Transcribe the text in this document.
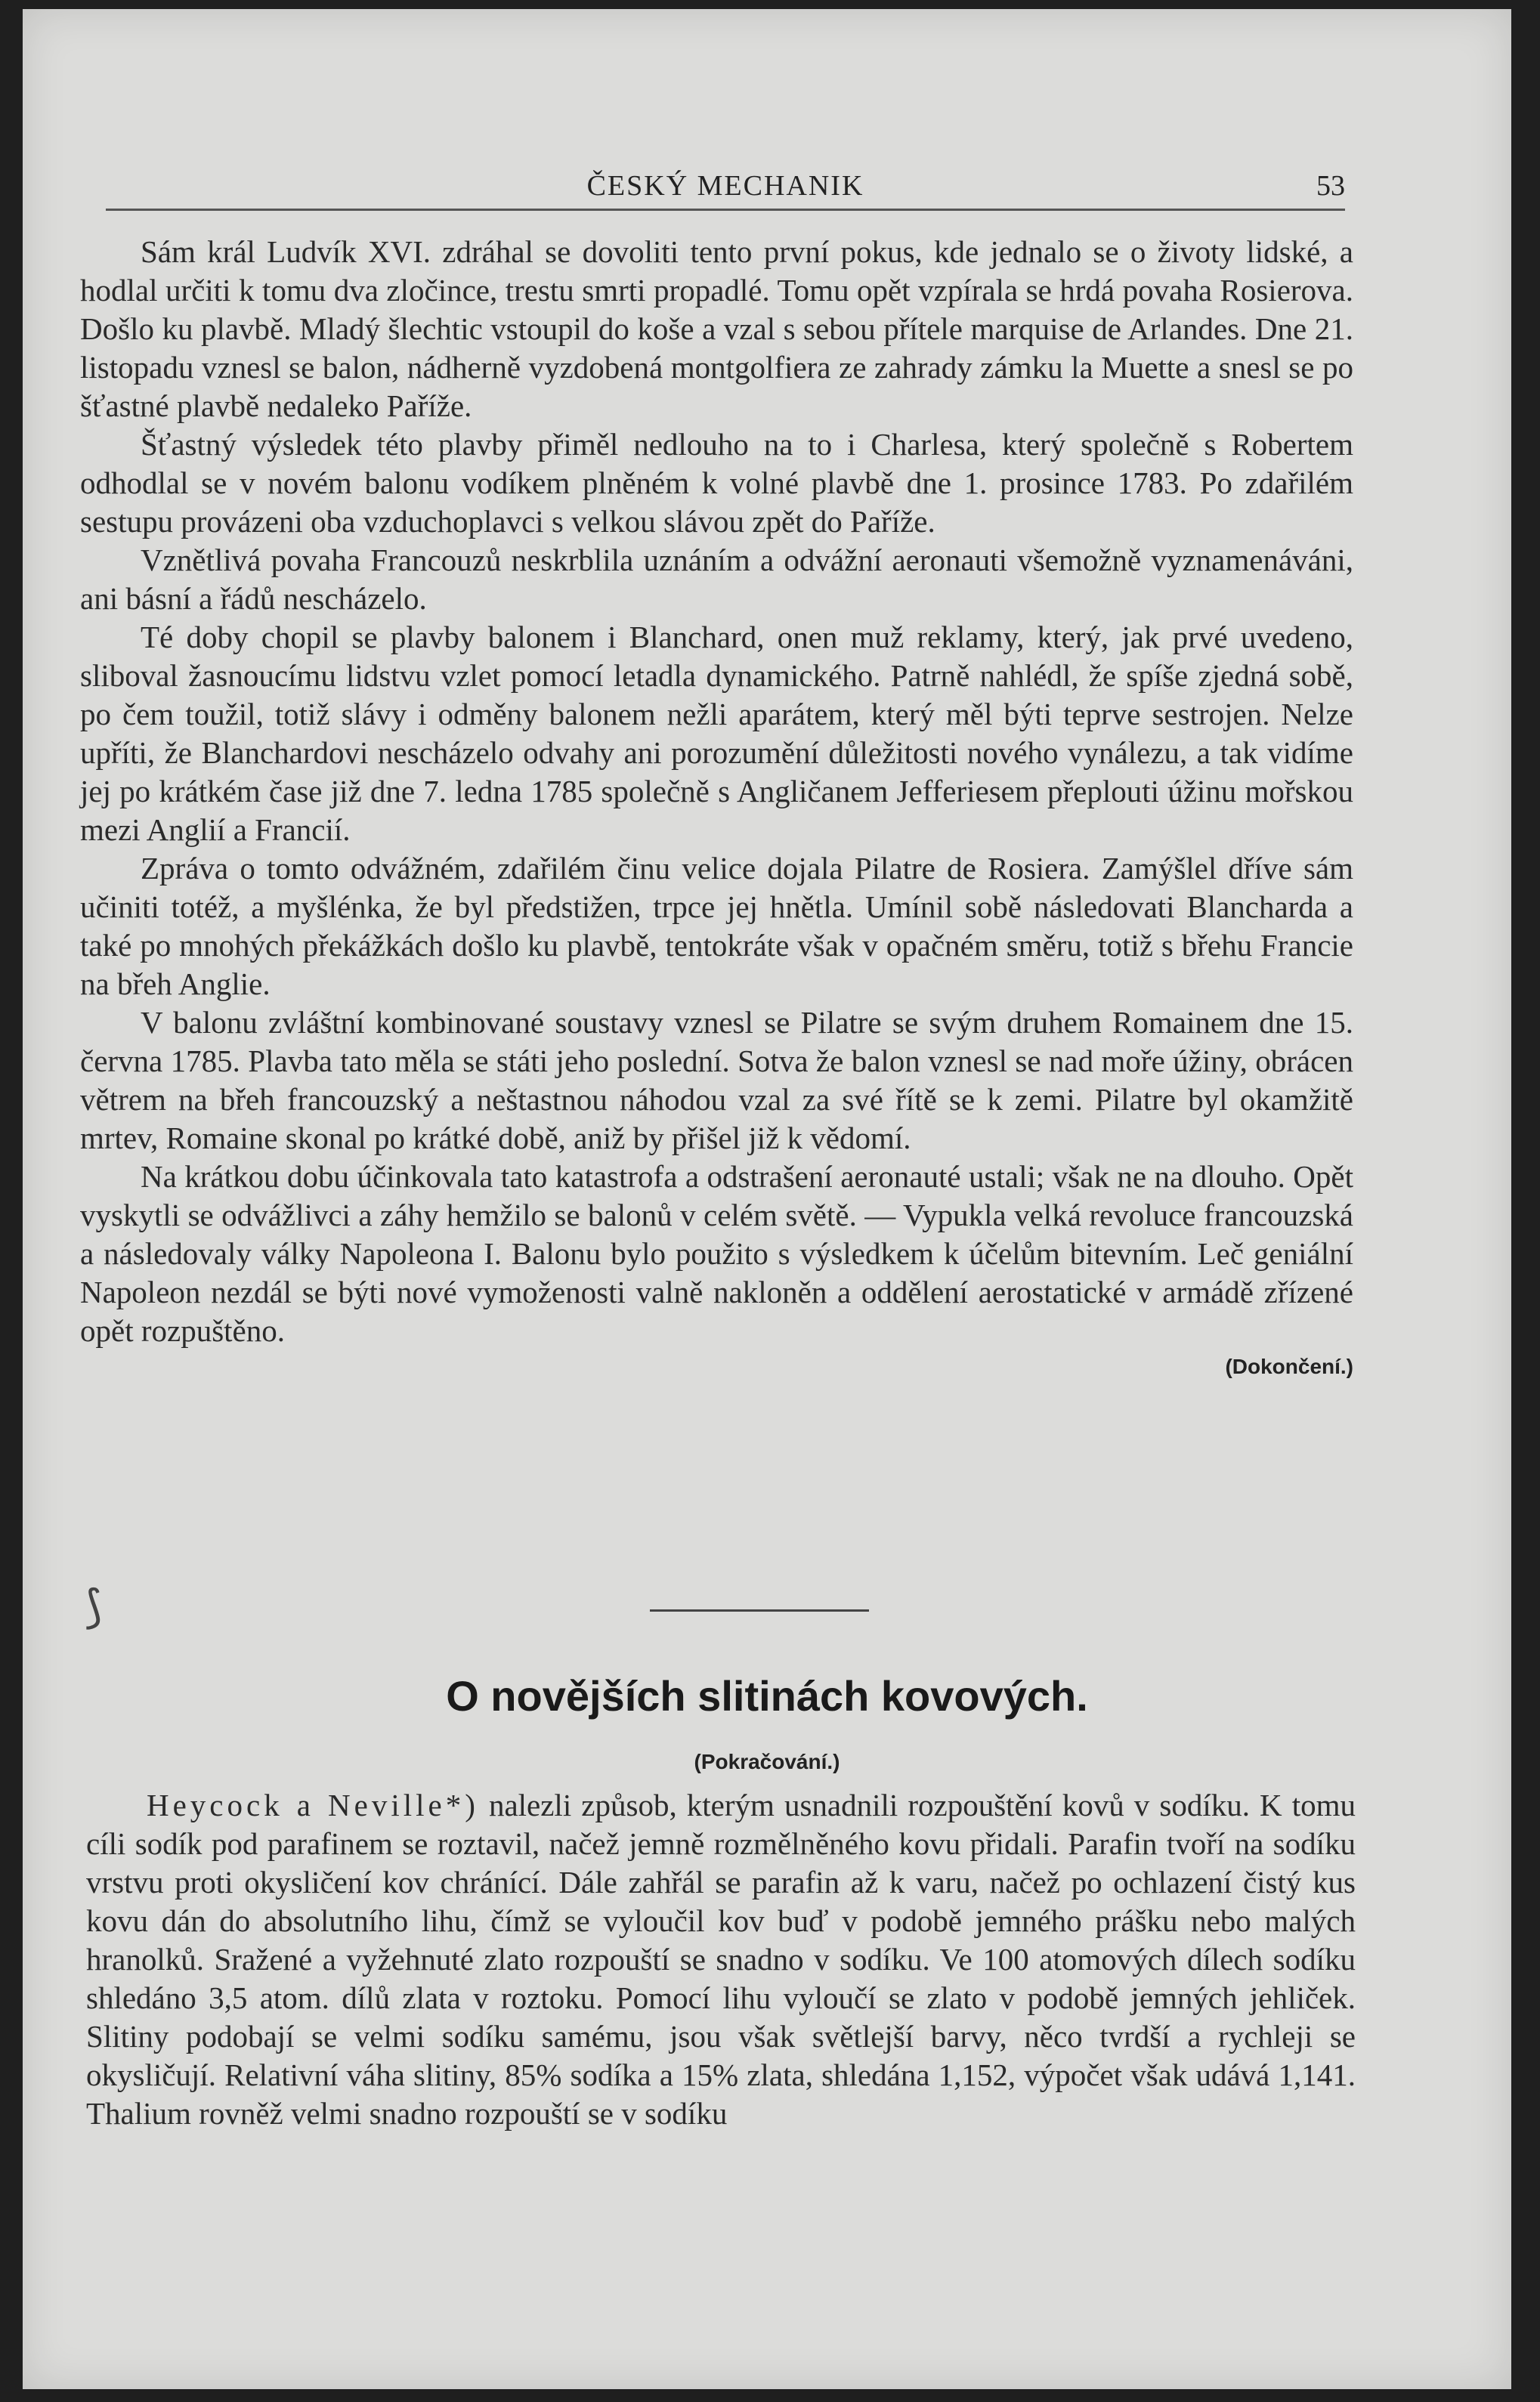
ČESKÝ MECHANIK	53

Sám král Ludvík XVI. zdráhal se dovoliti tento první pokus, kde jednalo se o životy lidské, a hodlal určiti k tomu dva zločince, trestu smrti propadlé. Tomu opět vzpírala se hrdá povaha Rosierova. Došlo ku plavbě. Mladý šlechtic vstoupil do koše a vzal s sebou přítele marquise de Arlandes. Dne 21. listopadu vznesl se balon, nádherně vyzdobená montgolfiera ze zahrady zámku la Muette a snesl se po šťastné plavbě nedaleko Paříže.

Šťastný výsledek této plavby přiměl nedlouho na to i Charlesa, který společně s Robertem odhodlal se v novém balonu vodíkem plněném k volné plavbě dne 1. prosince 1783. Po zdařilém sestupu provázeni oba vzduchoplavci s velkou slávou zpět do Paříže.

Vznětlivá povaha Francouzů neskrblila uznáním a odvážní aeronauti všemožně vyznamenáváni, ani básní a řádů nescházelo.

Té doby chopil se plavby balonem i Blanchard, onen muž reklamy, který, jak prvé uvedeno, sliboval žasnoucímu lidstvu vzlet pomocí letadla dynamického. Patrně nahlédl, že spíše zjedná sobě, po čem toužil, totiž slávy i odměny balonem nežli aparátem, který měl býti teprve sestrojen. Nelze upříti, že Blanchardovi nescházelo odvahy ani porozumění důležitosti nového vynálezu, a tak vidíme jej po krátkém čase již dne 7. ledna 1785 společně s Angličanem Jefferiesem přeplouti úžinu mořskou mezi Anglií a Francií.

Zpráva o tomto odvážném, zdařilém činu velice dojala Pilatre de Rosiera. Zamýšlel dříve sám učiniti totéž, a myšlénka, že byl předstižen, trpce jej hnětla. Umínil sobě následovati Blancharda a také po mnohých překážkách došlo ku plavbě, tentokráte však v opačném směru, totiž s břehu Francie na břeh Anglie.

V balonu zvláštní kombinované soustavy vznesl se Pilatre se svým druhem Romainem dne 15. června 1785. Plavba tato měla se státi jeho poslední. Sotva že balon vznesl se nad moře úžiny, obrácen větrem na břeh francouzský a neštastnou náhodou vzal za své řítě se k zemi. Pilatre byl okamžitě mrtev, Romaine skonal po krátké době, aniž by přišel již k vědomí.

Na krátkou dobu účinkovala tato katastrofa a odstrašení aeronauté ustali; však ne na dlouho. Opět vyskytli se odvážlivci a záhy hemžilo se balonů v celém světě. — Vypukla velká revoluce francouzská a následovaly války Napoleona I. Balonu bylo použito s výsledkem k účelům bitevním. Leč geniální Napoleon nezdál se býti nové vymoženosti valně nakloněn a oddělení aerostatické v armádě zřízené opět rozpuštěno.

(Dokončení.)
O novějších slitinách kovových.
(Pokračování.)

Heycock a Neville*) nalezli způsob, kterým usnadnili rozpouštění kovů v sodíku. K tomu cíli sodík pod parafinem se roztavil, načež jemně rozmělněného kovu přidali. Parafin tvoří na sodíku vrstvu proti okysličení kov chránící. Dále zahřál se parafin až k varu, načež po ochlazení čistý kus kovu dán do absolutního lihu, čímž se vyloučil kov buď v podobě jemného prášku nebo malých hranolků. Sražené a vyžehnuté zlato rozpouští se snadno v sodíku. Ve 100 atomových dílech sodíku shledáno 3,5 atom. dílů zlata v roztoku. Pomocí lihu vyloučí se zlato v podobě jemných jehliček. Slitiny podobají se velmi sodíku samému, jsou však světlejší barvy, něco tvrdší a rychleji se okysličují. Relativní váha slitiny, 85% sodíka a 15% zlata, shledána 1,152, výpočet však udává 1,141. Thalium rovněž velmi snadno rozpouští se v sodíku

⟆
